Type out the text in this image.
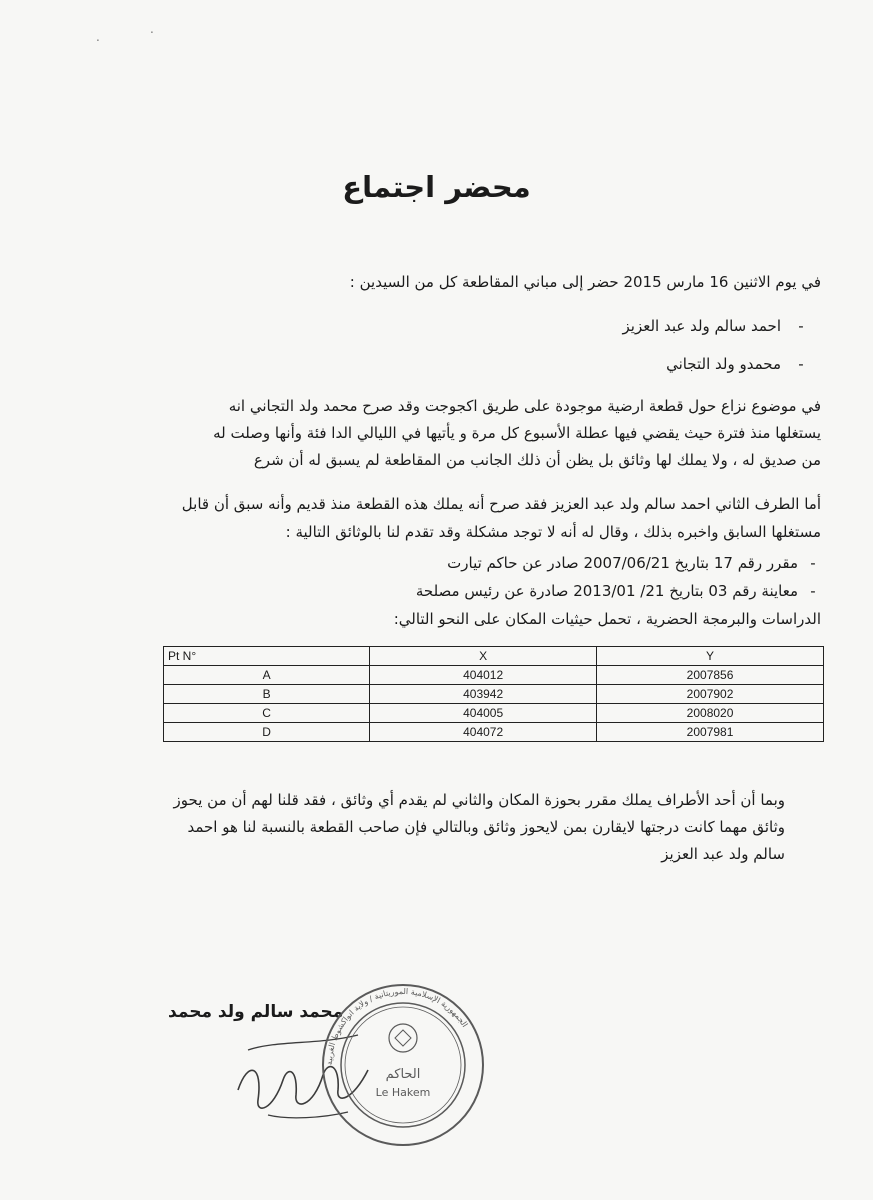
.
.
محضر اجتماع
في يوم الاثنين 16 مارس 2015 حضر إلى مباني المقاطعة كل من السيدين :
-احمد سالم ولد عبد العزيز
-محمدو ولد التجاني
في موضوع نزاع حول قطعة ارضية موجودة على طريق اكجوجت وقد صرح محمد ولد التجاني انه
يستغلها منذ فترة حيث يقضي فيها عطلة الأسبوع كل مرة و يأتيها في الليالي الدا فئة وأنها وصلت له
من صديق له ، ولا يملك لها وثائق بل يظن أن ذلك الجانب من المقاطعة لم يسبق له أن شرع
أما الطرف الثاني احمد سالم ولد عبد العزيز فقد صرح أنه يملك هذه القطعة منذ قديم وأنه سبق أن قابل
مستغلها السابق واخبره بذلك ، وقال له أنه لا توجد مشكلة وقد تقدم لنا بالوثائق التالية :
-مقرر رقم 17 بتاريخ 2007/06/21 صادر عن حاكم تيارت
-معاينة رقم 03 بتاريخ 21/ 2013/01 صادرة عن رئيس مصلحة
الدراسات والبرمجة الحضرية ، تحمل حيثيات المكان على النحو التالي:
Pt N°	X	Y
A	404012	2007856
B	403942	2007902
C	404005	2008020
D	404072	2007981
وبما أن أحد الأطراف يملك مقرر بحوزة المكان والثاني لم يقدم أي وثائق ، فقد قلنا لهم أن من يحوز
وثائق مهما كانت درجتها لايقارن بمن لايحوز وثائق وبالتالي فإن صاحب القطعة بالنسبة لنا هو احمد
سالم ولد عبد العزيز
محمد سالم ولد محمد
الجمهورية الإسلامية الموريتانية / ولاية انواكشوط الغربية
الحاكم
Le Hakem
